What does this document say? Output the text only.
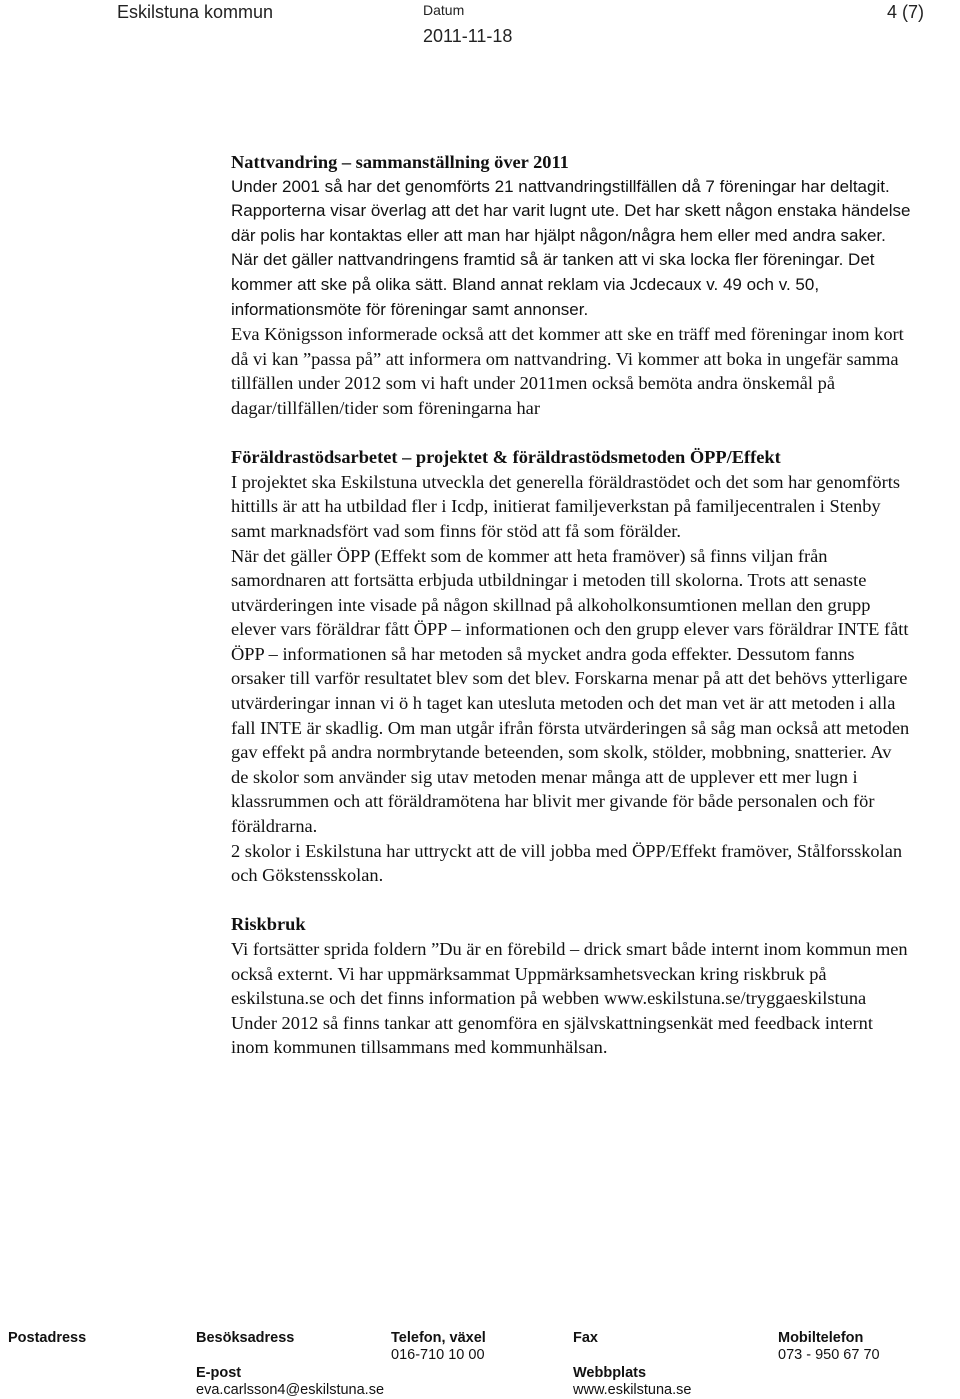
Eskilstuna kommun	Datum
2011-11-18
4 (7)
Nattvandring – sammanställning över 2011

Under 2001 så har det genomförts 21 nattvandringstillfällen då 7 föreningar har deltagit. Rapporterna visar överlag att det har varit lugnt ute. Det har skett någon enstaka händelse där polis har kontaktas eller att man har hjälpt någon/några hem eller med andra saker.

När det gäller nattvandringens framtid så är tanken att vi ska locka fler föreningar. Det kommer att ske på olika sätt. Bland annat reklam via Jcdecaux v. 49 och v. 50, informationsmöte för föreningar samt annonser.

Eva Königsson informerade också att det kommer att ske en träff med föreningar inom kort då vi kan ”passa på” att informera om nattvandring. Vi kommer att boka in ungefär samma tillfällen under 2012 som vi haft under 2011men också bemöta andra önskemål på dagar/tillfällen/tider som föreningarna har

Föräldrastödsarbetet – projektet & föräldrastödsmetoden ÖPP/Effekt

I projektet ska Eskilstuna utveckla det generella föräldrastödet och det som har genomförts hittills är att ha utbildad fler i Icdp, initierat familjeverkstan på familjecentralen i Stenby samt marknadsfört vad som finns för stöd att få som förälder.

När det gäller ÖPP (Effekt som de kommer att heta framöver) så finns viljan från samordnaren att fortsätta erbjuda utbildningar i metoden till skolorna. Trots att senaste utvärderingen inte visade på någon skillnad på alkoholkonsumtionen mellan den grupp elever vars föräldrar fått ÖPP – informationen och den grupp elever vars föräldrar INTE fått ÖPP – informationen så har metoden så mycket andra goda effekter. Dessutom fanns orsaker till varför resultatet blev som det blev. Forskarna menar på att det behövs ytterligare utvärderingar innan vi ö h taget kan utesluta metoden och det man vet är att metoden i alla fall INTE är skadlig. Om man utgår ifrån första utvärderingen så såg man också att metoden gav effekt på andra normbrytande beteenden, som skolk, stölder, mobbning, snatterier. Av de skolor som använder sig utav metoden menar många att de upplever ett mer lugn i klassrummen och att föräldramötena har blivit mer givande för både personalen och för föräldrarna.

2 skolor i Eskilstuna har uttryckt att de vill jobba med ÖPP/Effekt framöver, Stålforsskolan och Gökstensskolan.

Riskbruk

Vi fortsätter sprida foldern ”Du är en förebild – drick smart både internt inom kommun men också externt. Vi har uppmärksammat Uppmärksamhetsveckan kring riskbruk på eskilstuna.se och det finns information på webben www.eskilstuna.se/tryggaeskilstuna

Under 2012 så finns tankar att genomföra en självskattningsenkät med feedback internt inom kommunen tillsammans med kommunhälsan.

Postadress	Besöksadress	Telefon, växel
016-710 10 00
Fax	Mobiltelefon
073 - 950 67 70
E-post
eva.carlsson4@eskilstuna.se
Webbplats
www.eskilstuna.se
